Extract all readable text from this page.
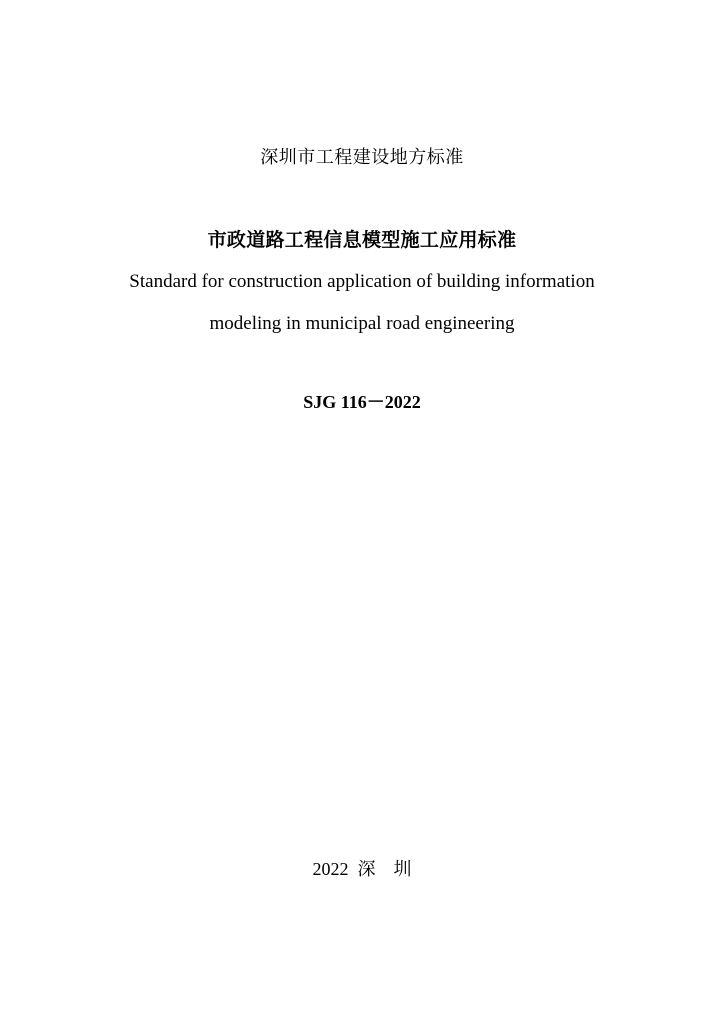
深圳市工程建设地方标准
市政道路工程信息模型施工应用标准
Standard for construction application of building information
modeling in municipal road engineering
SJG 116－2022
2022 深　圳
